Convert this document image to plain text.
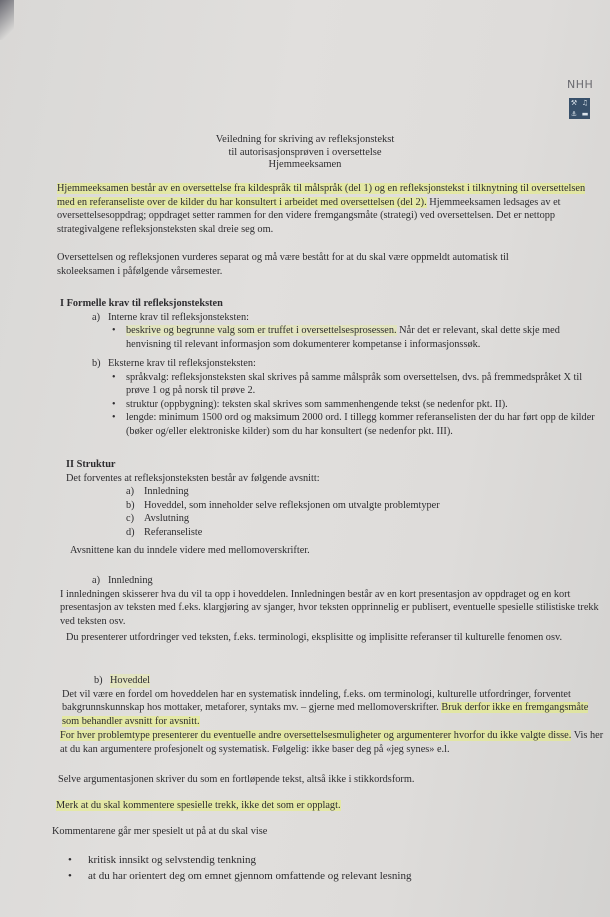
NHH
⚒ ♫
⚓ ▬
Veiledning for skriving av refleksjonstekst
til autorisasjonsprøven i oversettelse
Hjemmeeksamen
Hjemmeeksamen består av en oversettelse fra kildespråk til målspråk (del 1) og en refleksjonstekst i tilknytning til oversettelsen med en referanseliste over de kilder du har konsultert i arbeidet med oversettelsen (del 2). Hjemmeeksamen ledsages av et oversettelsesoppdrag; oppdraget setter rammen for den videre fremgangsmåte (strategi) ved oversettelsen. Det er nettopp strategivalgene refleksjonsteksten skal dreie seg om.
Oversettelsen og refleksjonen vurderes separat og må være bestått for at du skal være oppmeldt automatisk til skoleeksamen i påfølgende vårsemester.
I Formelle krav til refleksjonsteksten
a) Interne krav til refleksjonsteksten:
•	beskrive og begrunne valg som er truffet i oversettelsesprosessen. Når det er relevant, skal dette skje med henvisning til relevant informasjon som dokumenterer kompetanse i informasjonssøk.
b) Eksterne krav til refleksjonsteksten:
•	språkvalg: refleksjonsteksten skal skrives på samme målspråk som oversettelsen, dvs. på fremmedspråket X til prøve 1 og på norsk til prøve 2.
•	struktur (oppbygning): teksten skal skrives som sammenhengende tekst (se nedenfor pkt. II).
•	lengde: minimum 1500 ord og maksimum 2000 ord. I tillegg kommer referanselisten der du har ført opp de kilder (bøker og/eller elektroniske kilder) som du har konsultert (se nedenfor pkt. III).
II Struktur
Det forventes at refleksjonsteksten består av følgende avsnitt:
a) Innledning
b) Hoveddel, som inneholder selve refleksjonen om utvalgte problemtyper
c) Avslutning
d) Referanseliste
Avsnittene kan du inndele videre med mellomoverskrifter.
a) Innledning
I innledningen skisserer hva du vil ta opp i hoveddelen. Innledningen består av en kort presentasjon av oppdraget og en kort presentasjon av teksten med f.eks. klargjøring av sjanger, hvor teksten opprinnelig er publisert, eventuelle spesielle stilistiske trekk ved teksten osv.
Du presenterer utfordringer ved teksten, f.eks. terminologi, eksplisitte og implisitte referanser til kulturelle fenomen osv.
b) Hoveddel
Det vil være en fordel om hoveddelen har en systematisk inndeling, f.eks. om terminologi, kulturelle utfordringer, forventet bakgrunnskunnskap hos mottaker, metaforer, syntaks mv. – gjerne med mellomoverskrifter. Bruk derfor ikke en fremgangsmåte som behandler avsnitt for avsnitt.
For hver problemtype presenterer du eventuelle andre oversettelsesmuligheter og argumenterer hvorfor du ikke valgte disse. Vis her at du kan argumentere profesjonelt og systematisk. Følgelig: ikke baser deg på «jeg synes» e.l.
Selve argumentasjonen skriver du som en fortløpende tekst, altså ikke i stikkordsform.
Merk at du skal kommentere spesielle trekk, ikke det som er opplagt.
Kommentarene går mer spesielt ut på at du skal vise
•	kritisk innsikt og selvstendig tenkning
•	at du har orientert deg om emnet gjennom omfattende og relevant lesning
